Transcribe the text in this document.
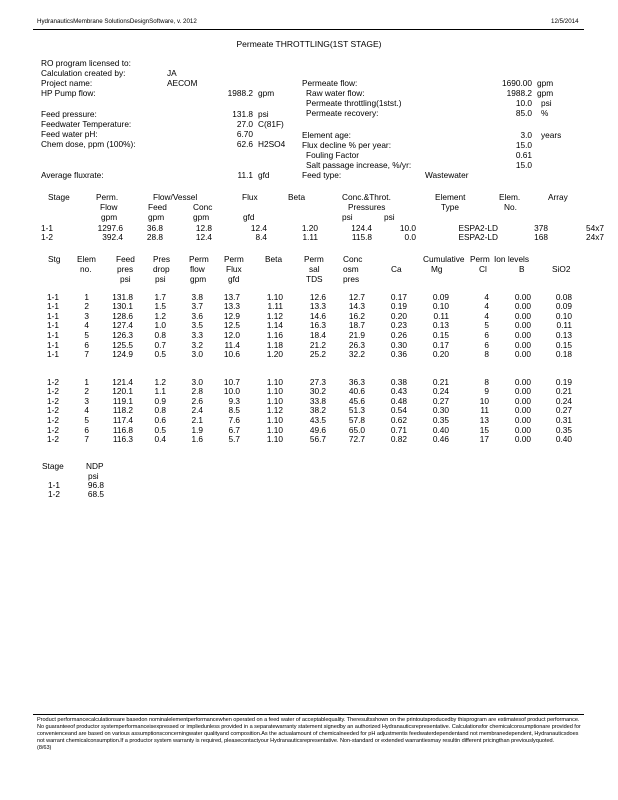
HydranauticsMembrane SolutionsDesignSoftware, v. 2012	12/5/2014
Permeate THROTTLING(1ST STAGE)
RO program licensed to:
Calculation created by:	JA
Project name:	AECOM
HP Pump flow:	1988.2 gpm
Feed pressure:	131.8 psi
Feedwater Temperature:	27.0 C(81F)
Feed water pH:	6.70
Chem dose, ppm (100%):	62.6 H2SO4
Average fluxrate:	11.1 gfd
Permeate flow:	1690.00 gpm
Raw water flow:	1988.2 gpm
Permeate throttling(1stst.)	10.0 psi
Permeate recovery:	85.0 %
Element age:	3.0 years
Flux decline % per year:	15.0
Fouling Factor	0.61
Salt passage increase, %/yr:	15.0
Feed type:	Wastewater
Stage	Perm.	Flow/Vessel	Flux	Beta	Conc.&Throt.	Element	Elem.	Array
Flow	Feed	Conc	Pressures	Type	No.
gpm	gpm	gpm	gfd	psi	psi
1-1	1297.6	36.8	12.8	12.4	1.20	124.4	10.0	ESPA2-LD	378	54x7
1-2	392.4	28.8	12.4	8.4	1.11	115.8	0.0	ESPA2-LD	168	24x7
Stg Elem Feed Pres Perm Perm	Beta	Perm Conc	Cumulative Perm Ion levels
no.	pres drop flow	Flux	sal	osm	Ca	Mg	Cl	B	SiO2
psi	psi	gpm	gfd	TDS pres
1-1	1	131.8	1.7	3.8	13.7	1.10	12.6	12.7	0.17	0.09	4	0.00	0.08
1-1	2	130.1	1.5	3.7	13.3	1.11	13.3	14.3	0.19	0.10	4	0.00	0.09
1-1	3	128.6	1.2	3.6	12.9	1.12	14.6	16.2	0.20	0.11	4	0.00	0.10
1-1	4	127.4	1.0	3.5	12.5	1.14	16.3	18.7	0.23	0.13	5	0.00	0.11
1-1	5	126.3	0.8	3.3	12.0	1.16	18.4	21.9	0.26	0.15	6	0.00	0.13
1-1	6	125.5	0.7	3.2	11.4	1.18	21.2	26.3	0.30	0.17	6	0.00	0.15
1-1	7	124.9	0.5	3.0	10.6	1.20	25.2	32.2	0.36	0.20	8	0.00	0.18
1-2	1	121.4	1.2	3.0	10.7	1.10	27.3	36.3	0.38	0.21	8	0.00	0.19
1-2	2	120.1	1.1	2.8	10.0	1.10	30.2	40.6	0.43	0.24	9	0.00	0.21
1-2	3	119.1	0.9	2.6	9.3	1.10	33.8	45.6	0.48	0.27	10	0.00	0.24
1-2	4	118.2	0.8	2.4	8.5	1.12	38.2	51.3	0.54	0.30	11	0.00	0.27
1-2	5	117.4	0.6	2.1	7.6	1.10	43.5	57.8	0.62	0.35	13	0.00	0.31
1-2	6	116.8	0.5	1.9	6.7	1.10	49.6	65.0	0.71	0.40	15	0.00	0.35
1-2	7	116.3	0.4	1.6	5.7	1.10	56.7	72.7	0.82	0.46	17	0.00	0.40
Stage	NDP
psi
1-1	96.8
1-2	68.5
Product performancecalculationsare basedon nominalelementperformancewhen operated on a feed water of acceptablequality. Theresultsshown on the printoutsproducedby thisprogram are estimatesof product performance. No guaranteeof productor systemperformanceisexpressed or impliedunless provided in a separatewarranty statement signedby an authorized Hydranauticsrepresentative. Calculationsfor chemicalconsumptionare provided for convenienceand are based on various assumptionsconcerningwater qualityand composition.As the actualamount of chemicalneeded for pH adjustmentis feedwaterdependentand not membranedependent, Hydranauticsdoes not warrant chemicalconsumption.If a productor system warranty is required, pleasecontactyour Hydranauticsrepresentative. Non-standard or extended warrantiesmay resultin different pricingthan previouslyquoted.
(8/63)
